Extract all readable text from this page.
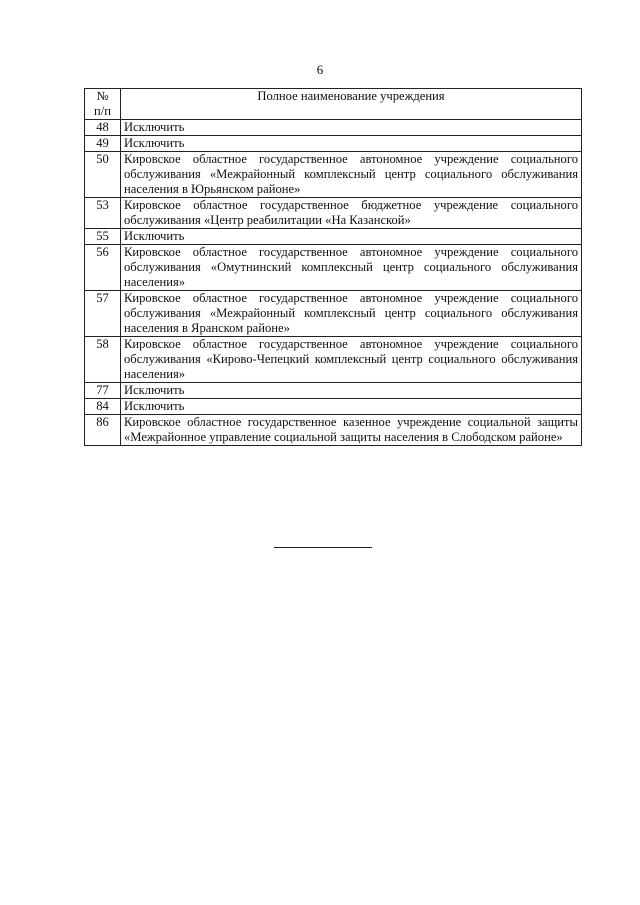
6
№
п/п	Полное наименование учреждения
48	Исключить
49	Исключить
50	Кировское областное государственное автономное учреждение социального обслуживания «Межрайонный комплексный центр социального обслуживания населения в Юрьянском районе»
53	Кировское областное государственное бюджетное учреждение социального обслуживания «Центр реабилитации «На Казанской»
55	Исключить
56	Кировское областное государственное автономное учреждение социального обслуживания «Омутнинский комплексный центр социального обслуживания населения»
57	Кировское областное государственное автономное учреждение социального обслуживания «Межрайонный комплексный центр социального обслуживания населения в Яранском районе»
58	Кировское областное государственное автономное учреждение социального обслуживания «Кирово-Чепецкий комплексный центр социального обслуживания населения»
77	Исключить
84	Исключить
86	Кировское областное государственное казенное учреждение социальной защиты «Межрайонное управление социальной защиты населения в Слободском районе»
